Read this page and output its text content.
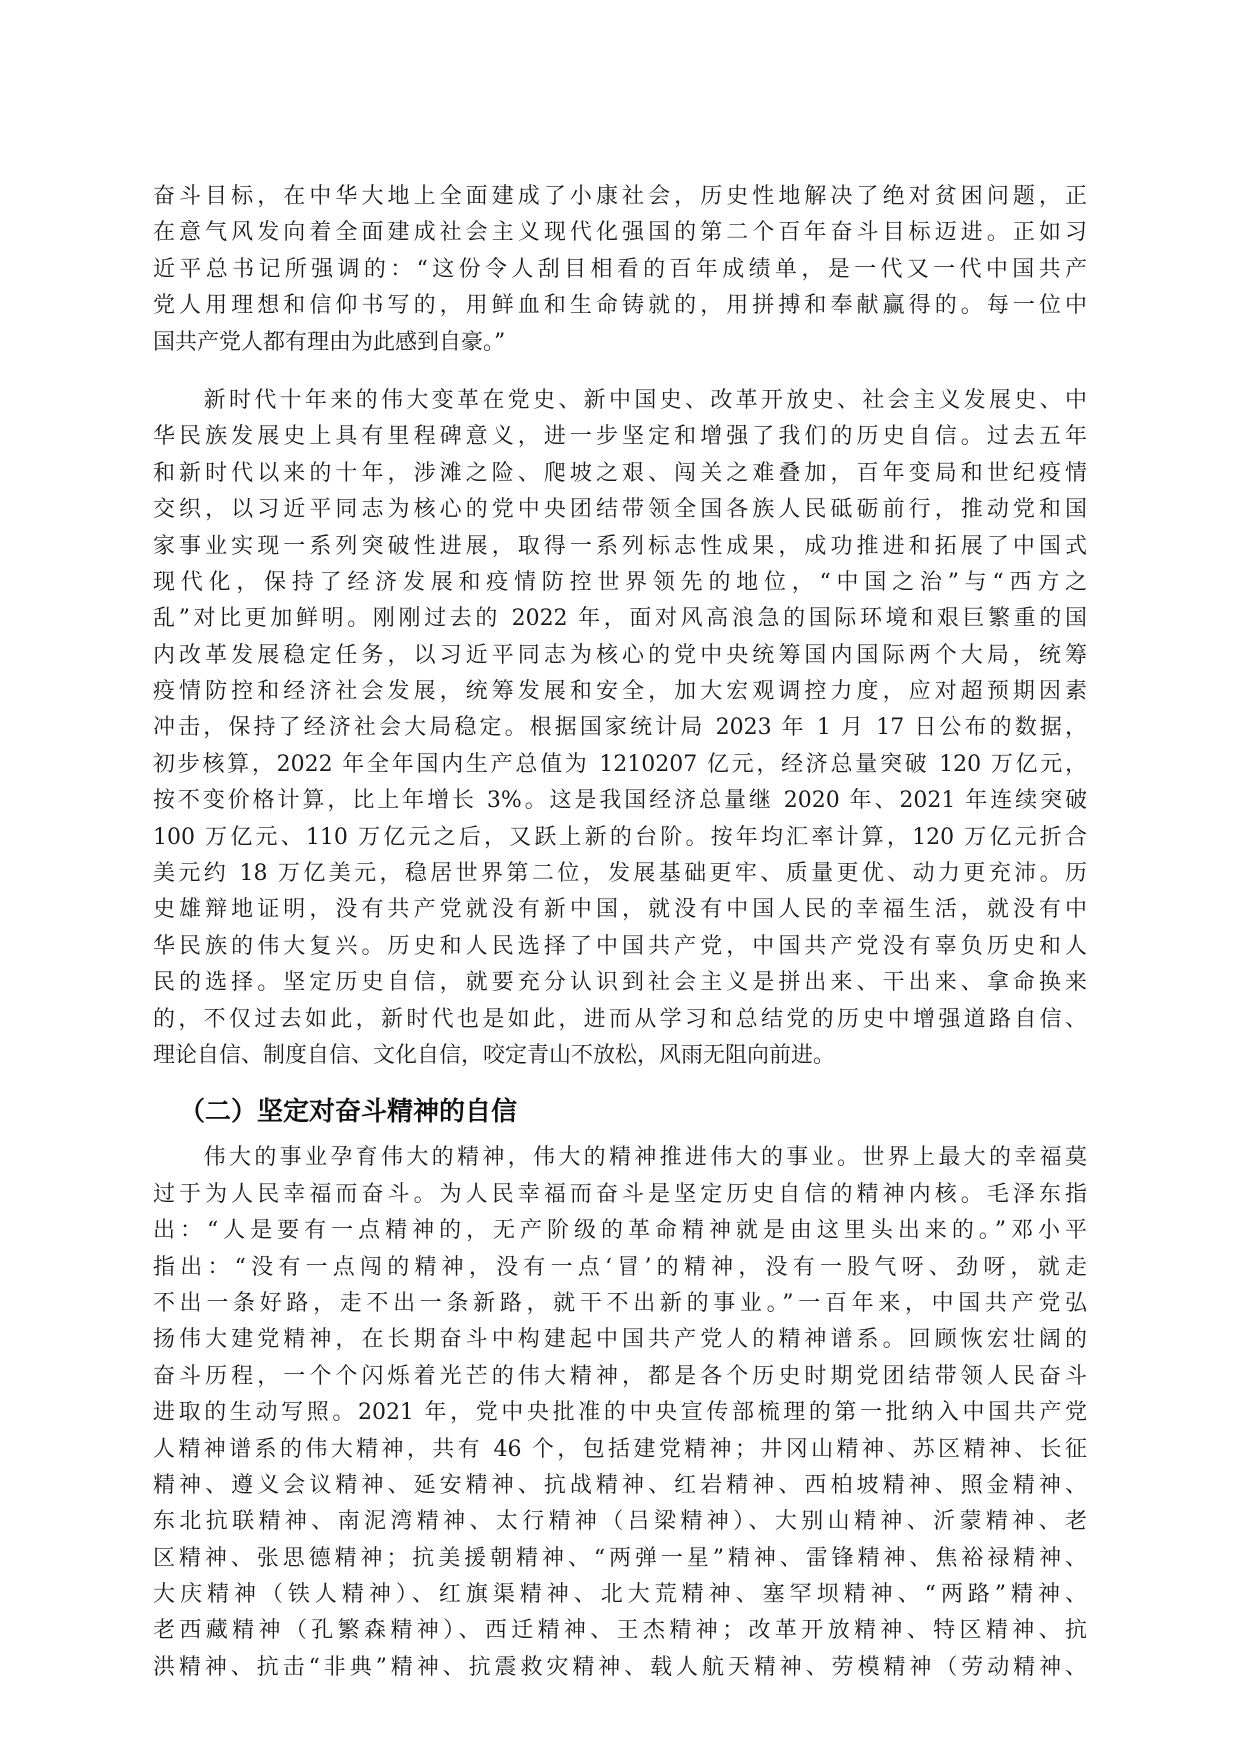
奋斗目标，在中华大地上全面建成了小康社会，历史性地解决了绝对贫困问题，正
在意气风发向着全面建成社会主义现代化强国的第二个百年奋斗目标迈进。正如习
近平总书记所强调的：“这份令人刮目相看的百年成绩单，是一代又一代中国共产
党人用理想和信仰书写的，用鲜血和生命铸就的，用拼搏和奉献赢得的。每一位中
国共产党人都有理由为此感到自豪。”
　　新时代十年来的伟大变革在党史、新中国史、改革开放史、社会主义发展史、中
华民族发展史上具有里程碑意义，进一步坚定和增强了我们的历史自信。过去五年
和新时代以来的十年，涉滩之险、爬坡之艰、闯关之难叠加，百年变局和世纪疫情
交织，以习近平同志为核心的党中央团结带领全国各族人民砥砺前行，推动党和国
家事业实现一系列突破性进展，取得一系列标志性成果，成功推进和拓展了中国式
现代化，保持了经济发展和疫情防控世界领先的地位，“中国之治”与“西方之
乱”对比更加鲜明。刚刚过去的 2022 年，面对风高浪急的国际环境和艰巨繁重的国
内改革发展稳定任务，以习近平同志为核心的党中央统筹国内国际两个大局，统筹
疫情防控和经济社会发展，统筹发展和安全，加大宏观调控力度，应对超预期因素
冲击，保持了经济社会大局稳定。根据国家统计局 2023 年 1 月 17 日公布的数据，
初步核算，2022 年全年国内生产总值为 1210207 亿元，经济总量突破 120 万亿元，
按不变价格计算，比上年增长 3%。这是我国经济总量继 2020 年、2021 年连续突破
100 万亿元、110 万亿元之后，又跃上新的台阶。按年均汇率计算，120 万亿元折合
美元约 18 万亿美元，稳居世界第二位，发展基础更牢、质量更优、动力更充沛。历
史雄辩地证明，没有共产党就没有新中国，就没有中国人民的幸福生活，就没有中
华民族的伟大复兴。历史和人民选择了中国共产党，中国共产党没有辜负历史和人
民的选择。坚定历史自信，就要充分认识到社会主义是拼出来、干出来、拿命换来
的，不仅过去如此，新时代也是如此，进而从学习和总结党的历史中增强道路自信、
理论自信、制度自信、文化自信，咬定青山不放松，风雨无阻向前进。
（二）坚定对奋斗精神的自信
　　伟大的事业孕育伟大的精神，伟大的精神推进伟大的事业。世界上最大的幸福莫
过于为人民幸福而奋斗。为人民幸福而奋斗是坚定历史自信的精神内核。毛泽东指
出：“人是要有一点精神的，无产阶级的革命精神就是由这里头出来的。”邓小平
指出：“没有一点闯的精神，没有一点‘冒’的精神，没有一股气呀、劲呀，就走
不出一条好路，走不出一条新路，就干不出新的事业。”一百年来，中国共产党弘
扬伟大建党精神，在长期奋斗中构建起中国共产党人的精神谱系。回顾恢宏壮阔的
奋斗历程，一个个闪烁着光芒的伟大精神，都是各个历史时期党团结带领人民奋斗
进取的生动写照。2021 年，党中央批准的中央宣传部梳理的第一批纳入中国共产党
人精神谱系的伟大精神，共有 46 个，包括建党精神；井冈山精神、苏区精神、长征
精神、遵义会议精神、延安精神、抗战精神、红岩精神、西柏坡精神、照金精神、
东北抗联精神、南泥湾精神、太行精神（吕梁精神）、大别山精神、沂蒙精神、老
区精神、张思德精神；抗美援朝精神、“两弹一星”精神、雷锋精神、焦裕禄精神、
大庆精神（铁人精神）、红旗渠精神、北大荒精神、塞罕坝精神、“两路”精神、
老西藏精神（孔繁森精神）、西迁精神、王杰精神；改革开放精神、特区精神、抗
洪精神、抗击“非典”精神、抗震救灾精神、载人航天精神、劳模精神（劳动精神、
